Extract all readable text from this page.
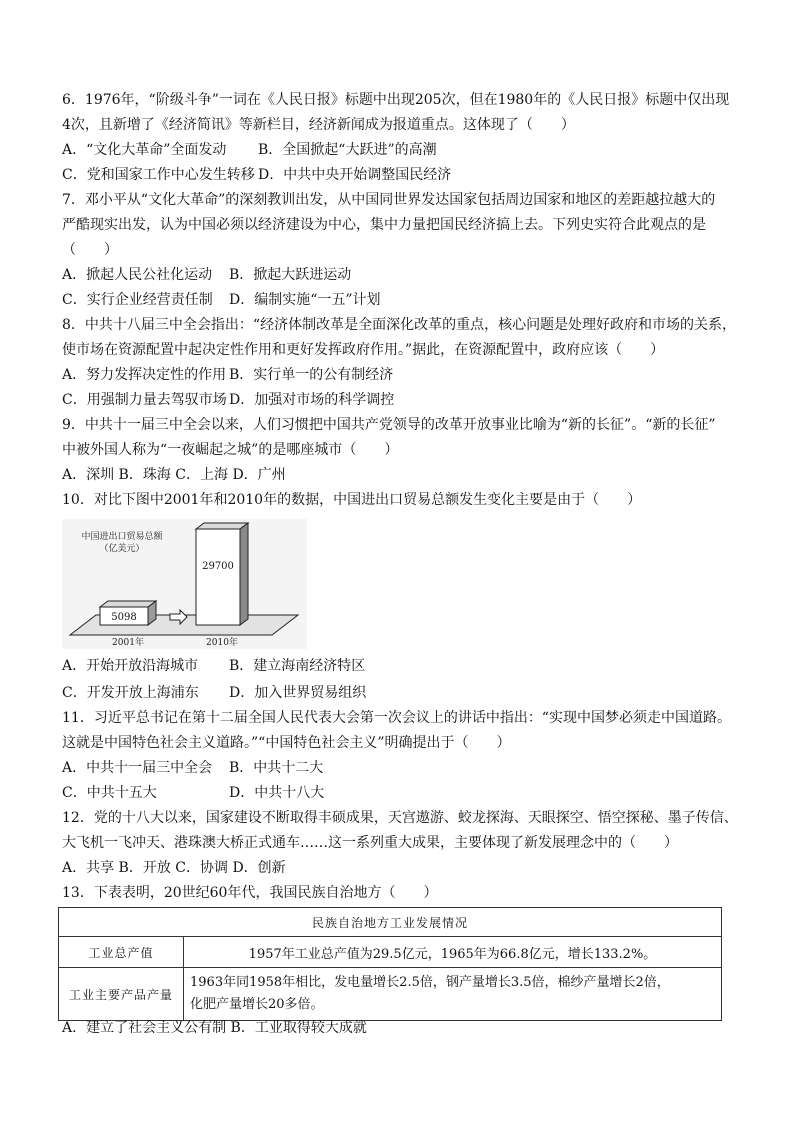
6．1976年，“阶级斗争”一词在《人民日报》标题中出现205次，但在1980年的《人民日报》标题中仅出现
4次，且新增了《经济简讯》等新栏目，经济新闻成为报道重点。这体现了（　　）
A．“文化大革命”全面发动 B．全国掀起“大跃进”的高潮
C．党和国家工作中心发生转移 D．中共中央开始调整国民经济
7．邓小平从“文化大革命”的深刻教训出发，从中国同世界发达国家包括周边国家和地区的差距越拉越大的
严酷现实出发，认为中国必须以经济建设为中心，集中力量把国民经济搞上去。下列史实符合此观点的是
（　　）
A．掀起人民公社化运动 B．掀起大跃进运动
C．实行企业经营责任制 D．编制实施“一五”计划
8．中共十八届三中全会指出：“经济体制改革是全面深化改革的重点，核心问题是处理好政府和市场的关系，
使市场在资源配置中起决定性作用和更好发挥政府作用。”据此，在资源配置中，政府应该（　　）
A．努力发挥决定性的作用 B．实行单一的公有制经济
C．用强制力量去驾驭市场 D．加强对市场的科学调控
9．中共十一届三中全会以来，人们习惯把中国共产党领导的改革开放事业比喻为“新的长征”。“新的长征”
中被外国人称为“一夜崛起之城”的是哪座城市（　　）
A．深圳 B．珠海 C．上海 D．广州
10．对比下图中2001年和2010年的数据，中国进出口贸易总额发生变化主要是由于（　　）
中国进出口贸易总额
（亿美元）
5098
29700
2001年	2010年
A．开始开放沿海城市 B．建立海南经济特区
C．开发开放上海浦东 D．加入世界贸易组织
11．习近平总书记在第十二届全国人民代表大会第一次会议上的讲话中指出：“实现中国梦必须走中国道路。
这就是中国特色社会主义道路。”“中国特色社会主义”明确提出于（　　）
A．中共十一届三中全会 B．中共十二大
C．中共十五大	D．中共十八大
12．党的十八大以来，国家建设不断取得丰硕成果，天宫遨游、蛟龙探海、天眼探空、悟空探秘、墨子传信、
大飞机一飞冲天、港珠澳大桥正式通车……这一系列重大成果，主要体现了新发展理念中的（　　）
A．共享 B．开放 C．协调 D．创新
13．下表表明，20世纪60年代，我国民族自治地方（　　）
民族自治地方工业发展情况	
工业总产值	1957年工业总产值为29.5亿元，1965年为66.8亿元，增长133.2%。
工业主要产品产量	1963年同1958年相比，发电量增长2.5倍，钢产量增长3.5倍，棉纱产量增长2倍，
化肥产量增长20多倍。
A．建立了社会主义公有制 B．工业取得较大成就
